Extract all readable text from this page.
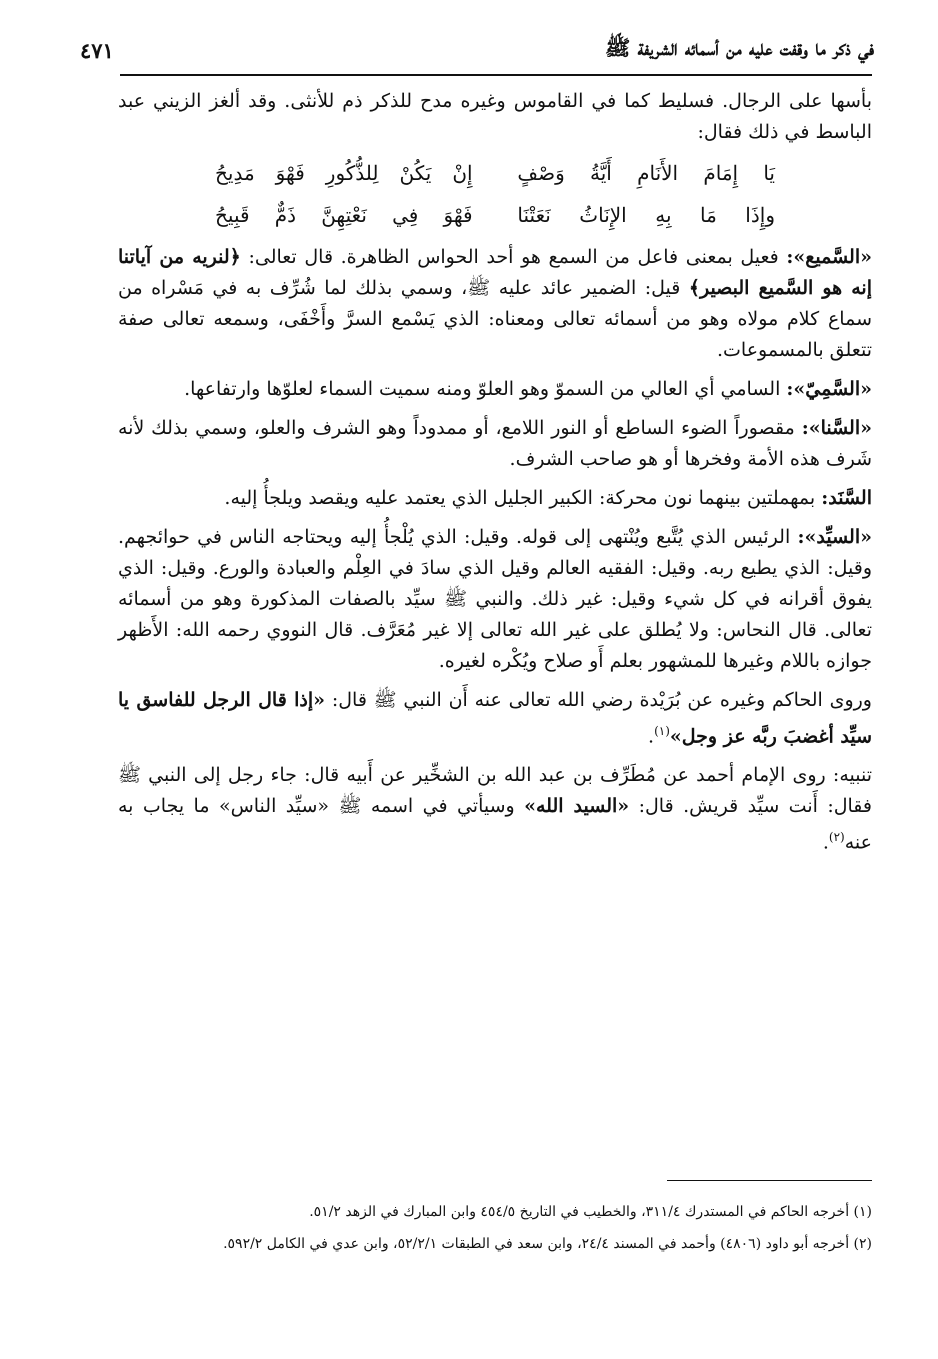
في ذكر ما وقفت عليه من أسمائه الشريفة ﷺ
٤٧١

بأسها على الرجال. فسليط كما في القاموس وغيره مدح للذكر ذم للأنثى. وقد ألغز الزيني عبد الباسط في ذلك فقال:

يَا إِمَامَ الأَنَامِ أَيَّةُ وَصْفٍ
إِنْ يَكُنْ لِلذُّكُورِ فَهْوَ مَدِيحُ
وإِذَا مَا بِهِ الإِنَاثُ نَعَتْنَا
فَهْوَ فِي نَعْتِهِنَّ ذَمٌّ قَبِيحُ

«السَّميع»: فعيل بمعنى فاعل من السمع هو أحد الحواس الظاهرة. قال تعالى: ﴿لنريه من آياتنا إنه هو السَّميع البصير﴾ قيل: الضمير عائد عليه ﷺ، وسمي بذلك لما شُرِّف به في مَسْراه من سماع كلام مولاه وهو من أسمائه تعالى ومعناه: الذي يَسْمع السرَّ وأَخْفَى، وسمعه تعالى صفة تتعلق بالمسموعات.

«السَّمِيّ»: السامي أي العالي من السموّ وهو العلوّ ومنه سميت السماء لعلوّها وارتفاعها.

«السَّنا»: مقصوراً الضوء الساطع أو النور اللامع، أو ممدوداً وهو الشرف والعلو، وسمي بذلك لأنه شَرف هذه الأمة وفخرها أو هو صاحب الشرف.

السَّنَد: بمهملتين بينهما نون محركة: الكبير الجليل الذي يعتمد عليه ويقصد ويلجأُ إليه.

«السيِّد»: الرئيس الذي يُتَّبع ويُنْتهى إلى قوله. وقيل: الذي يُلْجأُ إليه ويحتاجه الناس في حوائجهم. وقيل: الذي يطيع ربه. وقيل: الفقيه العالم وقيل الذي سادَ في العِلْم والعبادة والورع. وقيل: الذي يفوق أقرانه في كل شيء وقيل: غير ذلك. والنبي ﷺ سيِّد بالصفات المذكورة وهو من أسمائه تعالى. قال النحاس: ولا يُطلق على غير الله تعالى إلا غير مُعَرَّف. قال النووي رحمه الله: الأَظهر جوازه باللام وغيرها للمشهور بعلم أَو صلاح ويُكْره لغيره.

وروى الحاكم وغيره عن بُرَيْدة رضي الله تعالى عنه أَن النبي ﷺ قال: «إذا قال الرجل للفاسق يا سيِّد أغضبَ ربَّه عز وجل»$^{(١)}$.

تنبيه: روى الإمام أحمد عن مُطَرِّف بن عبد الله بن الشخِّير عن أَبيه قال: جاء رجل إلى النبي ﷺ فقال: أَنت سيِّد قريش. قال: «السيد الله» وسيأتي في اسمه ﷺ «سيِّد الناس» ما يجاب به عنه$^{(٢)}$.

(١) أخرجه الحاكم في المستدرك ٣١١/٤، والخطيب في التاريخ ٤٥٤/٥ وابن المبارك في الزهد ٥١/٢.

(٢) أخرجه أبو داود (٤٨٠٦) وأحمد في المسند ٢٤/٤، وابن سعد في الطبقات ٥٢/٢/١، وابن عدي في الكامل ٥٩٢/٢.
